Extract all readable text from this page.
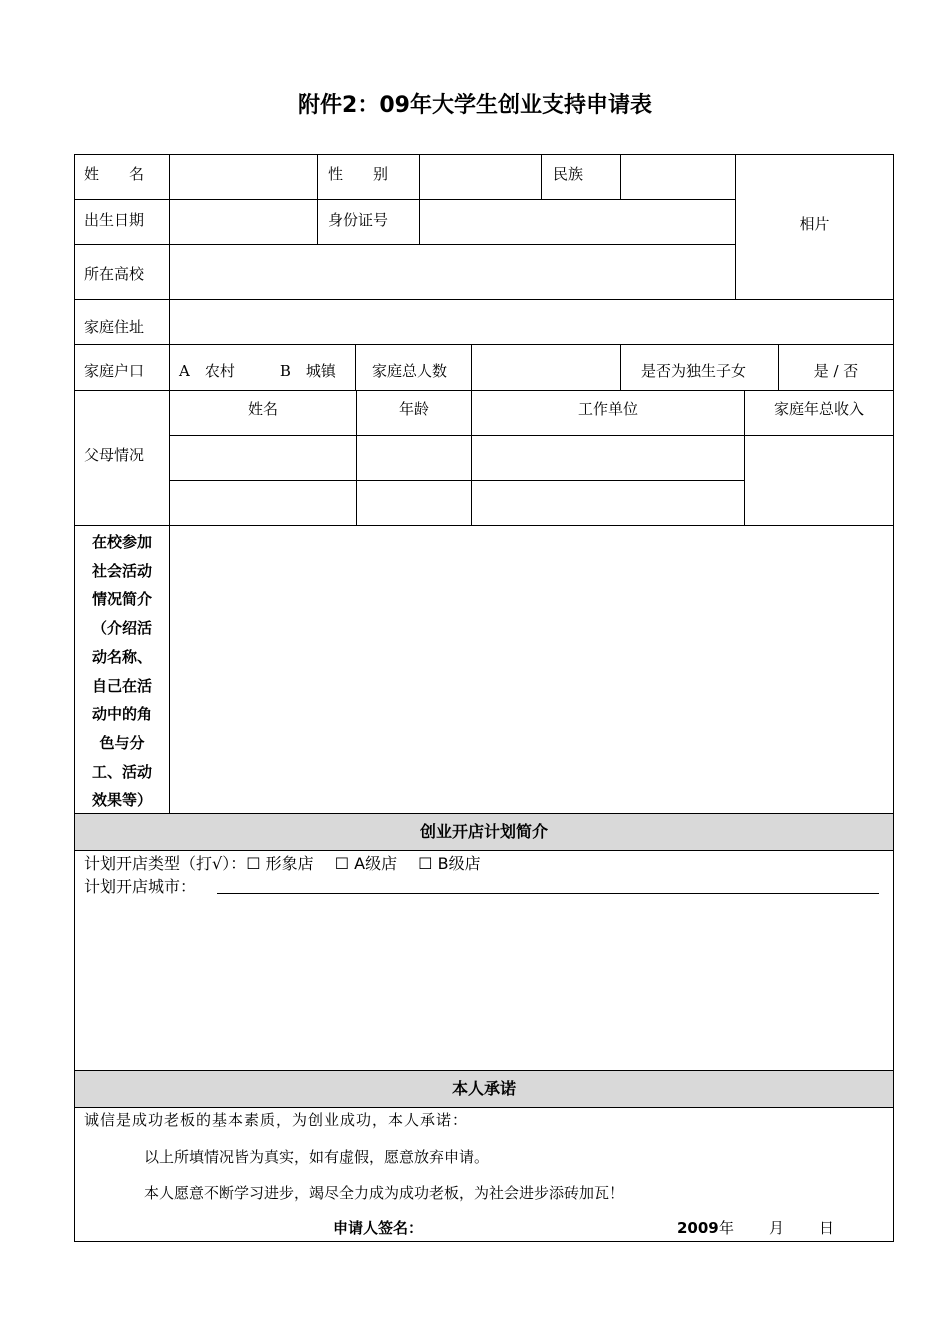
附件2：09年大学生创业支持申请表
姓　　名	性　　别	民族
相片
出生日期	身份证号
所在高校
家庭住址
家庭户口 A　农村　　　B　城镇 家庭总人数	是否为独生子女	是 / 否
父母情况
姓名	年龄	工作单位	家庭年总收入
在校参加
社会活动
情况简介
（介绍活
动名称、
自己在活
动中的角
色与分
工、活动
效果等）
创业开店计划简介
计划开店类型（打√）：☐ 形象店　 ☐ A级店　 ☐ B级店
计划开店城市：
本人承诺
诚信是成功老板的基本素质，为创业成功，本人承诺：
以上所填情况皆为真实，如有虚假，愿意放弃申请。
本人愿意不断学习进步，竭尽全力成为成功老板，为社会进步添砖加瓦！
申请人签名：	2009 年 月 日
